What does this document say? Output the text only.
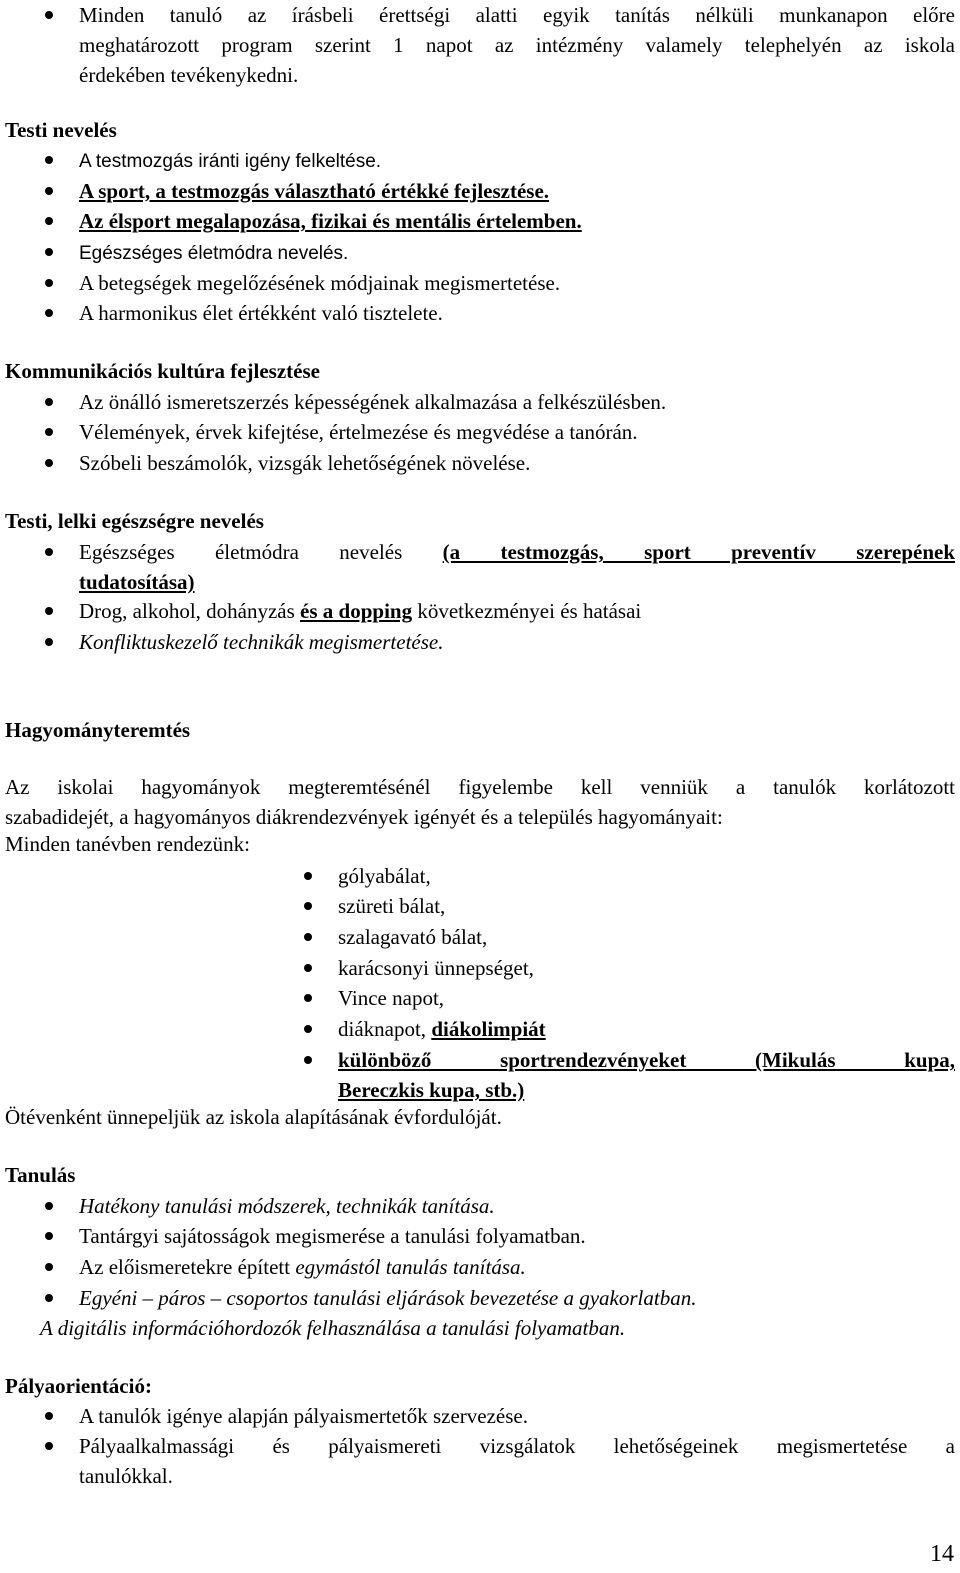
Minden tanuló az írásbeli érettségi alatti egyik tanítás nélküli munkanapon előre
meghatározott program szerint 1 napot az intézmény valamely telephelyén az iskola
érdekében tevékenykedni.
Testi nevelés
A testmozgás iránti igény felkeltése.
A sport, a testmozgás választható értékké fejlesztése.
Az élsport megalapozása, fizikai és mentális értelemben.
Egészséges életmódra nevelés.
A betegségek megelőzésének módjainak megismertetése.
A harmonikus élet értékként való tisztelete.
Kommunikációs kultúra fejlesztése
Az önálló ismeretszerzés képességének alkalmazása a felkészülésben.
Vélemények, érvek kifejtése, értelmezése és megvédése a tanórán.
Szóbeli beszámolók, vizsgák lehetőségének növelése.
Testi, lelki egészségre nevelés
Egészséges életmódra nevelés (a testmozgás, sport preventív szerepének
tudatosítása)
Drog, alkohol, dohányzás és a dopping következményei és hatásai
Konfliktuskezelő technikák megismertetése.
Hagyományteremtés
Az iskolai hagyományok megteremtésénél figyelembe kell venniük a tanulók korlátozott
szabadidejét, a hagyományos diákrendezvények igényét és a település hagyományait:
Minden tanévben rendezünk:
gólyabálat,
szüreti bálat,
szalagavató bálat,
karácsonyi ünnepséget,
Vince napot,
diáknapot, diákolimpiát
különböző sportrendezvényeket (Mikulás kupa,
Bereczkis kupa, stb.)
Ötévenként ünnepeljük az iskola alapításának évfordulóját.
Tanulás
Hatékony tanulási módszerek, technikák tanítása.
Tantárgyi sajátosságok megismerése a tanulási folyamatban.
Az előismeretekre épített egymástól tanulás tanítása.
Egyéni – páros – csoportos tanulási eljárások bevezetése a gyakorlatban.
A digitális információhordozók felhasználása a tanulási folyamatban.
Pályaorientáció:
A tanulók igénye alapján pályaismertetők szervezése.
Pályaalkalmassági és pályaismereti vizsgálatok lehetőségeinek megismertetése a
tanulókkal.
14
